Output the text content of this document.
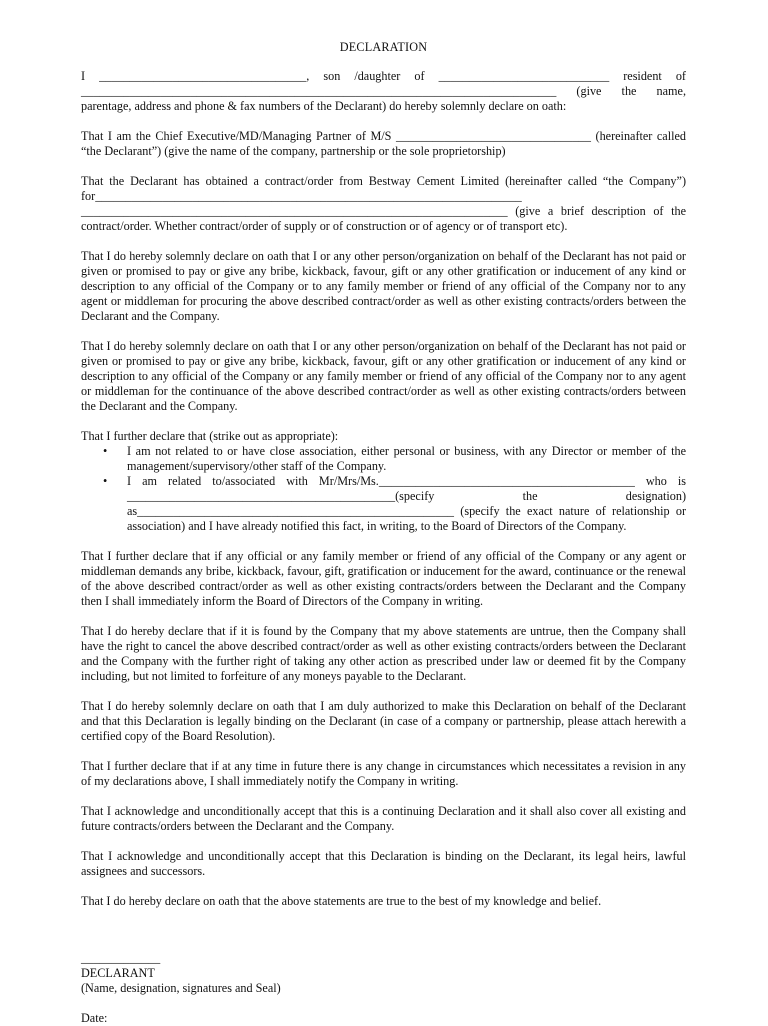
DECLARATION

I __________________________________, son /daughter of ____________________________ resident of ______________________________________________________________________________ (give the name, parentage, address and phone & fax numbers of the Declarant) do hereby solemnly declare on oath:

That I am the Chief Executive/MD/Managing Partner of M/S ________________________________ (hereinafter called “the Declarant”) (give the name of the company, partnership or the sole proprietorship)

That the Declarant has obtained a contract/order from Bestway Cement Limited (hereinafter called “the Company”) for______________________________________________________________________ ______________________________________________________________________ (give a brief description of the contract/order. Whether contract/order of supply or of construction or of agency or of transport etc).

That I do hereby solemnly declare on oath that I or any other person/organization on behalf of the Declarant has not paid or given or promised to pay or give any bribe, kickback, favour, gift or any other gratification or inducement of any kind or description to any official of the Company or to any family member or friend of any official of the Company nor to any agent or middleman for procuring the above described contract/order as well as other existing contracts/orders between the Declarant and the Company.

That I do hereby solemnly declare on oath that I or any other person/organization on behalf of the Declarant has not paid or given or promised to pay or give any bribe, kickback, favour, gift or any other gratification or inducement of any kind or description to any official of the Company or any family member or friend of any official of the Company nor to any agent or middleman for the continuance of the above described contract/order as well as other existing contracts/orders between the Declarant and the Company.

That I further declare that (strike out as appropriate):

• I am not related to or have close association, either personal or business, with any Director or member of the management/supervisory/other staff of the Company.
• I am related to/associated with Mr/Mrs/Ms.__________________________________________ who is ____________________________________________(specify the designation) as____________________________________________________ (specify the exact nature of relationship or association) and I have already notified this fact, in writing, to the Board of Directors of the Company.

That I further declare that if any official or any family member or friend of any official of the Company or any agent or middleman demands any bribe, kickback, favour, gift, gratification or inducement for the award, continuance or the renewal of the above described contract/order as well as other existing contracts/orders between the Declarant and the Company then I shall immediately inform the Board of Directors of the Company in writing.

That I do hereby declare that if it is found by the Company that my above statements are untrue, then the Company shall have the right to cancel the above described contract/order as well as other existing contracts/orders between the Declarant and the Company with the further right of taking any other action as prescribed under law or deemed fit by the Company including, but not limited to forfeiture of any moneys payable to the Declarant.

That I do hereby solemnly declare on oath that I am duly authorized to make this Declaration on behalf of the Declarant and that this Declaration is legally binding on the Declarant (in case of a company or partnership, please attach herewith a certified copy of the Board Resolution).

That I further declare that if at any time in future there is any change in circumstances which necessitates a revision in any of my declarations above, I shall immediately notify the Company in writing.

That I acknowledge and unconditionally accept that this is a continuing Declaration and it shall also cover all existing and future contracts/orders between the Declarant and the Company.

That I acknowledge and unconditionally accept that this Declaration is binding on the Declarant, its legal heirs, lawful assignees and successors.

That I do hereby declare on oath that the above statements are true to the best of my knowledge and belief.

_____________
DECLARANT
(Name, designation, signatures and Seal)
Date:
